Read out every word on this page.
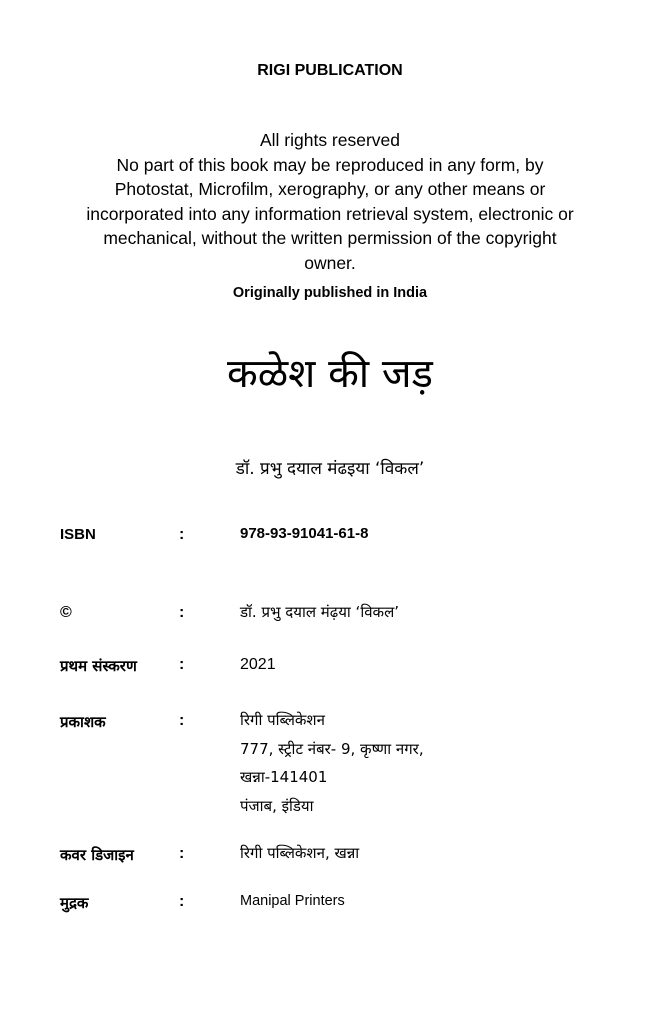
RIGI PUBLICATION
All rights reserved
No part of this book may be reproduced in any form, by
Photostat, Microfilm, xerography, or any other means or
incorporated into any information retrieval system, electronic or
mechanical, without the written permission of the copyright
owner.
Originally published in India
कळेश की जड़
डॉ. प्रभु दयाल मंढइया ‘विकल’
ISBN	:	978-93-91041-61-8
©	:	डॉ. प्रभु दयाल मंढ़या ‘विकल’
प्रथम संस्करण	:	2021
प्रकाशक	:	रिगी पब्लिकेशन
777, स्ट्रीट नंबर- 9, कृष्णा नगर,
खन्ना-141401
पंजाब, इंडिया
कवर डिजाइन	:	रिगी पब्लिकेशन, खन्ना
मुद्रक	:	Manipal Printers
